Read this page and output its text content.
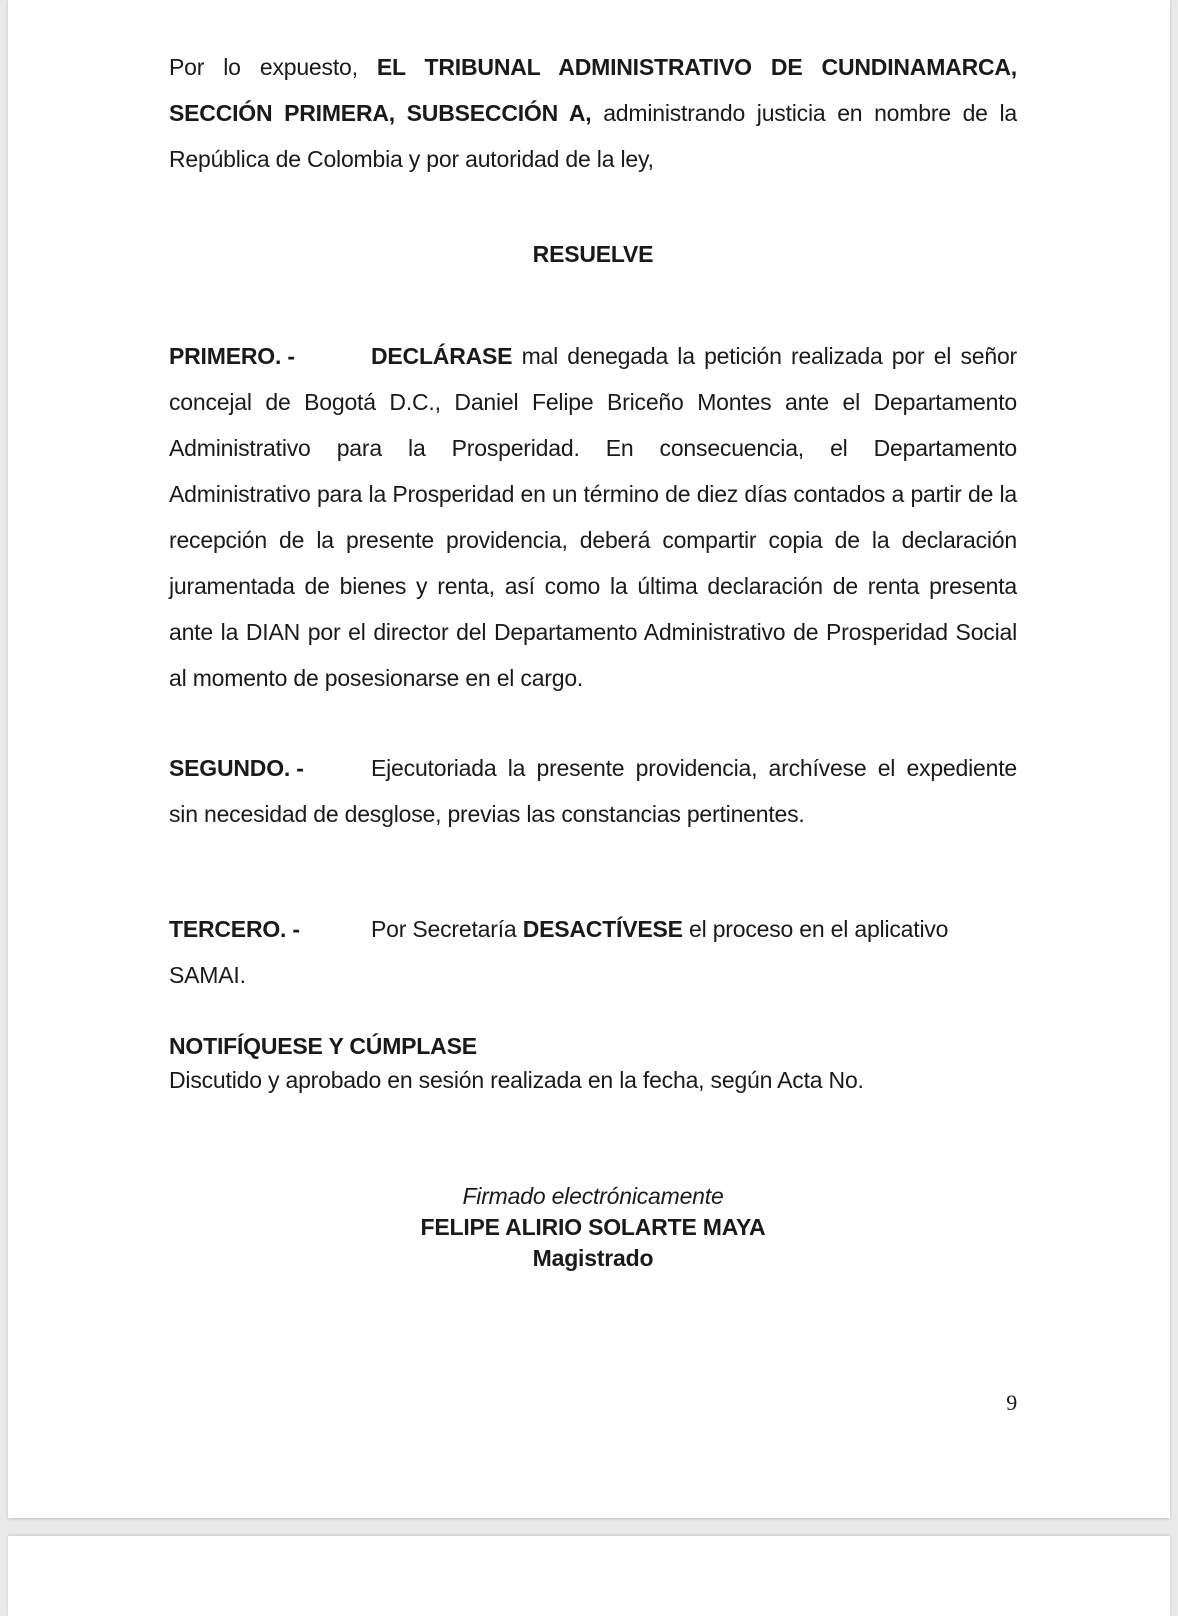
Por lo expuesto, EL TRIBUNAL ADMINISTRATIVO DE CUNDINAMARCA, SECCIÓN PRIMERA, SUBSECCIÓN A, administrando justicia en nombre de la República de Colombia y por autoridad de la ley,

RESUELVE

PRIMERO. -	DECLÁRASE mal denegada la petición realizada por el señor concejal de Bogotá D.C., Daniel Felipe Briceño Montes ante el Departamento Administrativo para la Prosperidad. En consecuencia, el Departamento Administrativo para la Prosperidad en un término de diez días contados a partir de la recepción de la presente providencia, deberá compartir copia de la declaración juramentada de bienes y renta, así como la última declaración de renta presenta ante la DIAN por el director del Departamento Administrativo de Prosperidad Social al momento de posesionarse en el cargo.

SEGUNDO. -	Ejecutoriada la presente providencia, archívese el expediente sin necesidad de desglose, previas las constancias pertinentes.

TERCERO. -	Por Secretaría DESACTÍVESE el proceso en el aplicativo SAMAI.

NOTIFÍQUESE Y CÚMPLASE

Discutido y aprobado en sesión realizada en la fecha, según Acta No.

Firmado electrónicamente

FELIPE ALIRIO SOLARTE MAYA

Magistrado

9
